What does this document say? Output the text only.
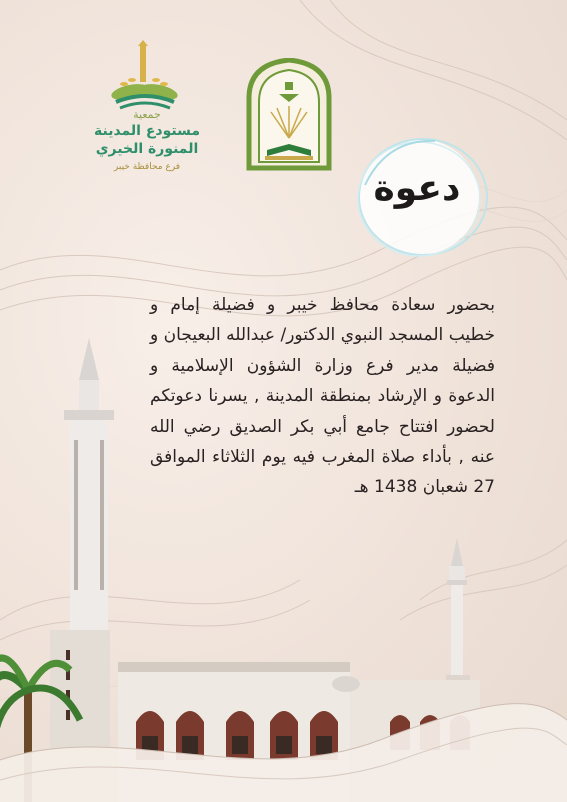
جمعية
مستودع المدينة
المنورة الخيري
فرع محافظة خيبر
دعوة
بحضور سعادة محافظ خيبر و فضيلة إمام و خطيب المسجد النبوي الدكتور/ عبدالله البعيجان و فضيلة مدير فرع وزارة الشؤون الإسلامية و الدعوة و الإرشاد بمنطقة المدينة , يسرنا دعوتكم لحضور افتتاح جامع أبي بكر الصديق رضي الله عنه , بأداء صلاة المغرب فيه يوم الثلاثاء الموافق 27 شعبان 1438 هـ
